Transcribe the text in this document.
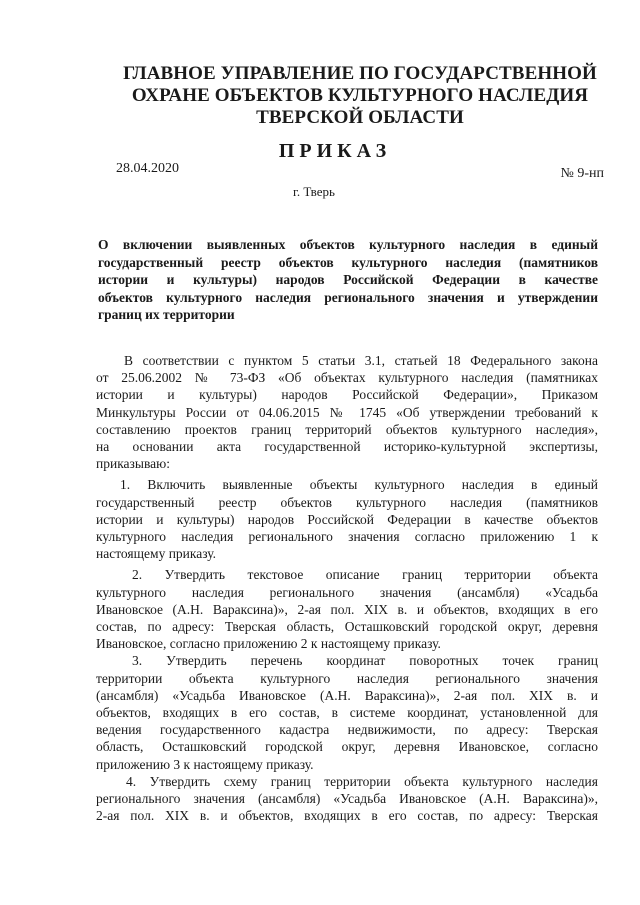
ГЛАВНОЕ УПРАВЛЕНИЕ ПО ГОСУДАРСТВЕННОЙ
ОХРАНЕ ОБЪЕКТОВ КУЛЬТУРНОГО НАСЛЕДИЯ
ТВЕРСКОЙ ОБЛАСТИ
ПРИКАЗ
28.04.2020	№ 9-нп
г. Тверь
О включении выявленных объектов культурного наследия в единый
государственный реестр объектов культурного наследия (памятников
истории и культуры) народов Российской Федерации в качестве
объектов культурного наследия регионального значения и утверждении
границ их территории
В соответствии с пунктом 5 статьи 3.1, статьей 18 Федерального закона
от 25.06.2002 № 73-ФЗ «Об объектах культурного наследия (памятниках
истории и культуры) народов Российской Федерации», Приказом
Минкультуры России от 04.06.2015 № 1745 «Об утверждении требований к
составлению проектов границ территорий объектов культурного наследия»,
на основании акта государственной историко-культурной экспертизы,
приказываю:
1. Включить выявленные объекты культурного наследия в единый
государственный реестр объектов культурного наследия (памятников
истории и культуры) народов Российской Федерации в качестве объектов
культурного наследия регионального значения согласно приложению 1 к
настоящему приказу.
2. Утвердить текстовое описание границ территории объекта
культурного наследия регионального значения (ансамбля) «Усадьба
Ивановское (А.Н. Вараксина)», 2-ая пол. XIX в. и объектов, входящих в его
состав, по адресу: Тверская область, Осташковский городской округ, деревня
Ивановское, согласно приложению 2 к настоящему приказу.
3. Утвердить перечень координат поворотных точек границ
территории объекта культурного наследия регионального значения
(ансамбля) «Усадьба Ивановское (А.Н. Вараксина)», 2-ая пол. XIX в. и
объектов, входящих в его состав, в системе координат, установленной для
ведения государственного кадастра недвижимости, по адресу: Тверская
область, Осташковский городской округ, деревня Ивановское, согласно
приложению 3 к настоящему приказу.
4. Утвердить схему границ территории объекта культурного наследия
регионального значения (ансамбля) «Усадьба Ивановское (А.Н. Вараксина)»,
2-ая пол. XIX в. и объектов, входящих в его состав, по адресу: Тверская
